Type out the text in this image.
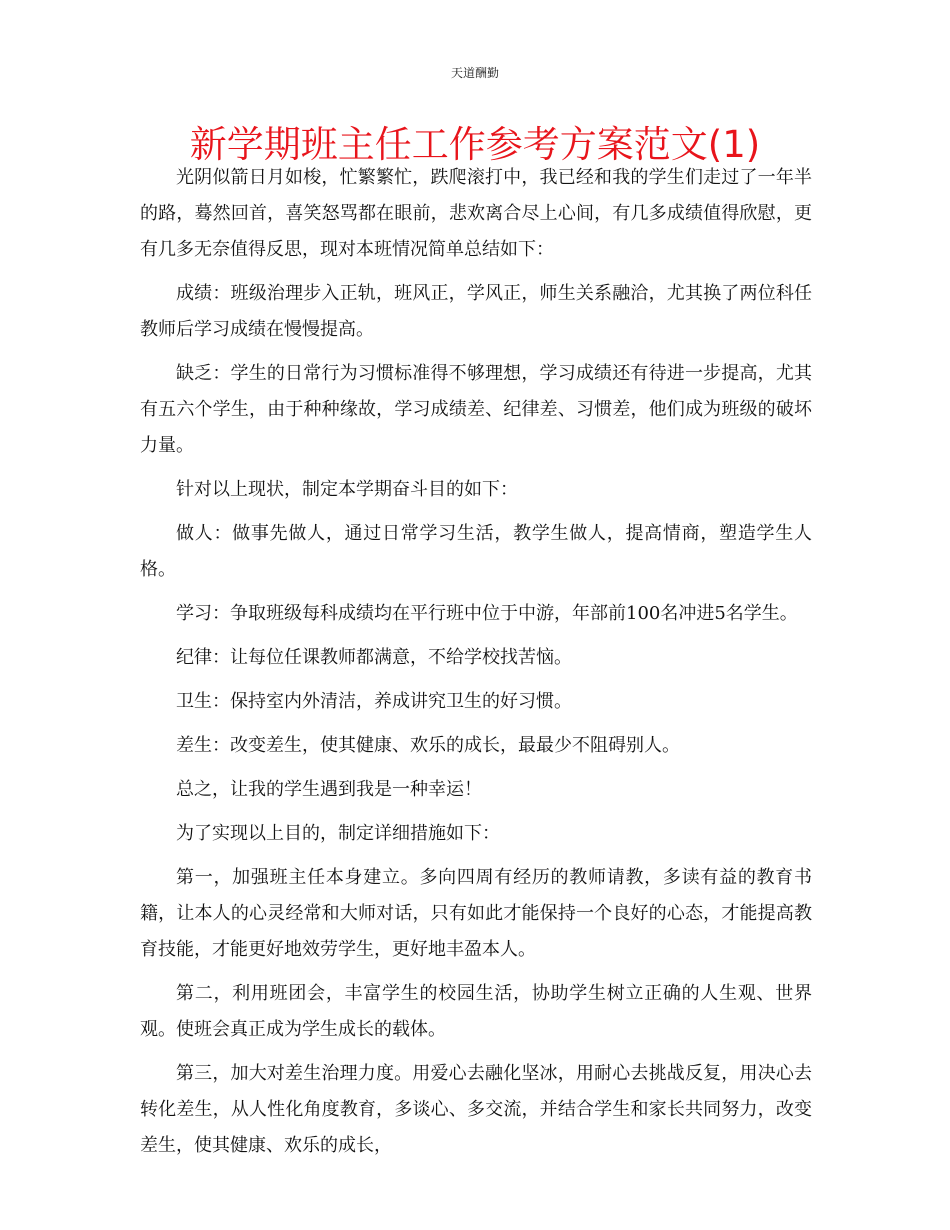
天道酬勤
新学期班主任工作参考方案范文(1)

光阴似箭日月如梭，忙繁繁忙，跌爬滚打中，我已经和我的学生们走过了一年半的路，蓦然回首，喜笑怒骂都在眼前，悲欢离合尽上心间，有几多成绩值得欣慰，更有几多无奈值得反思，现对本班情况简单总结如下：

成绩：班级治理步入正轨，班风正，学风正，师生关系融洽，尤其换了两位科任教师后学习成绩在慢慢提高。

缺乏：学生的日常行为习惯标准得不够理想，学习成绩还有待进一步提高，尤其有五六个学生，由于种种缘故，学习成绩差、纪律差、习惯差，他们成为班级的破坏力量。

针对以上现状，制定本学期奋斗目的如下：

做人：做事先做人，通过日常学习生活，教学生做人，提高情商，塑造学生人格。

学习：争取班级每科成绩均在平行班中位于中游，年部前100名冲进5名学生。

纪律：让每位任课教师都满意，不给学校找苦恼。

卫生：保持室内外清洁，养成讲究卫生的好习惯。

差生：改变差生，使其健康、欢乐的成长，最最少不阻碍别人。

总之，让我的学生遇到我是一种幸运！

为了实现以上目的，制定详细措施如下：

第一，加强班主任本身建立。多向四周有经历的教师请教，多读有益的教育书籍，让本人的心灵经常和大师对话，只有如此才能保持一个良好的心态，才能提高教育技能，才能更好地效劳学生，更好地丰盈本人。

第二，利用班团会，丰富学生的校园生活，协助学生树立正确的人生观、世界观。使班会真正成为学生成长的载体。

第三，加大对差生治理力度。用爱心去融化坚冰，用耐心去挑战反复，用决心去转化差生，从人性化角度教育，多谈心、多交流，并结合学生和家长共同努力，改变差生，使其健康、欢乐的成长，
